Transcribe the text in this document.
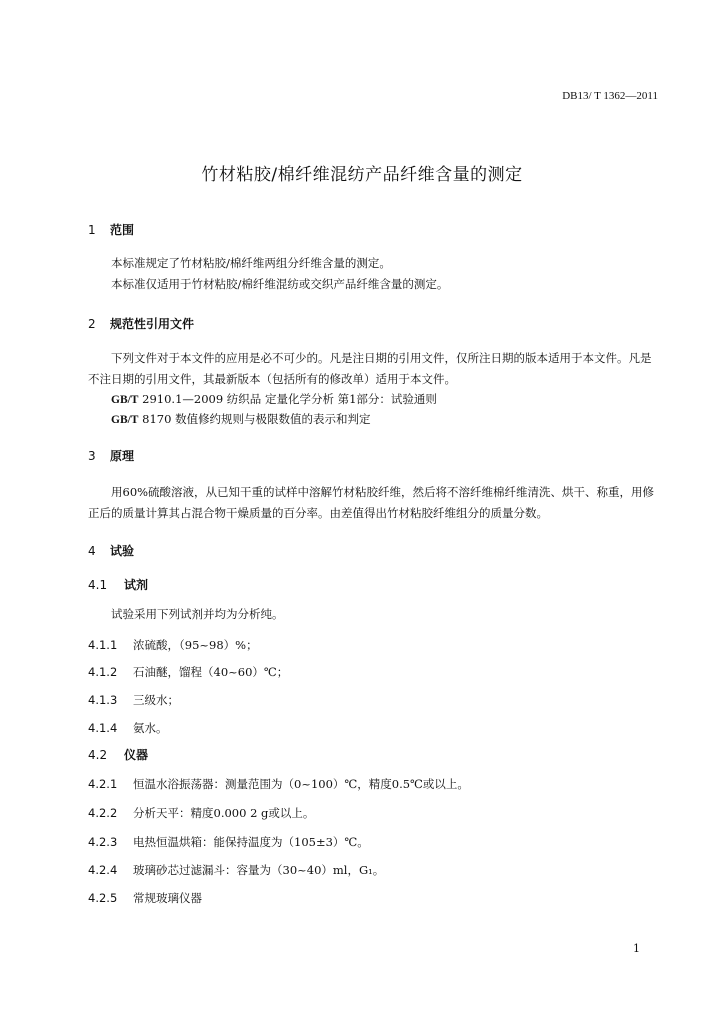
DB13/ T 1362—2011
竹材粘胶/棉纤维混纺产品纤维含量的测定
1 范围
本标准规定了竹材粘胶/棉纤维两组分纤维含量的测定。
本标准仅适用于竹材粘胶/棉纤维混纺或交织产品纤维含量的测定。
2 规范性引用文件
下列文件对于本文件的应用是必不可少的。凡是注日期的引用文件，仅所注日期的版本适用于本文件。凡是不注日期的引用文件，其最新版本（包括所有的修改单）适用于本文件。
GB/T 2910.1—2009 纺织品 定量化学分析 第1部分：试验通则
GB/T 8170 数值修约规则与极限数值的表示和判定
3 原理
用60%硫酸溶液，从已知干重的试样中溶解竹材粘胶纤维，然后将不溶纤维棉纤维清洗、烘干、称重，用修正后的质量计算其占混合物干燥质量的百分率。由差值得出竹材粘胶纤维组分的质量分数。
4 试验
4.1 试剂
试验采用下列试剂并均为分析纯。
4.1.1 浓硫酸，（95~98）%；
4.1.2 石油醚，馏程（40~60）℃；
4.1.3 三级水；
4.1.4 氨水。
4.2 仪器
4.2.1 恒温水浴振荡器：测量范围为（0~100）℃，精度0.5℃或以上。
4.2.2 分析天平：精度0.000 2 g或以上。
4.2.3 电热恒温烘箱：能保持温度为（105±3）℃。
4.2.4 玻璃砂芯过滤漏斗：容量为（30~40）ml，G₁。
4.2.5 常规玻璃仪器
1
